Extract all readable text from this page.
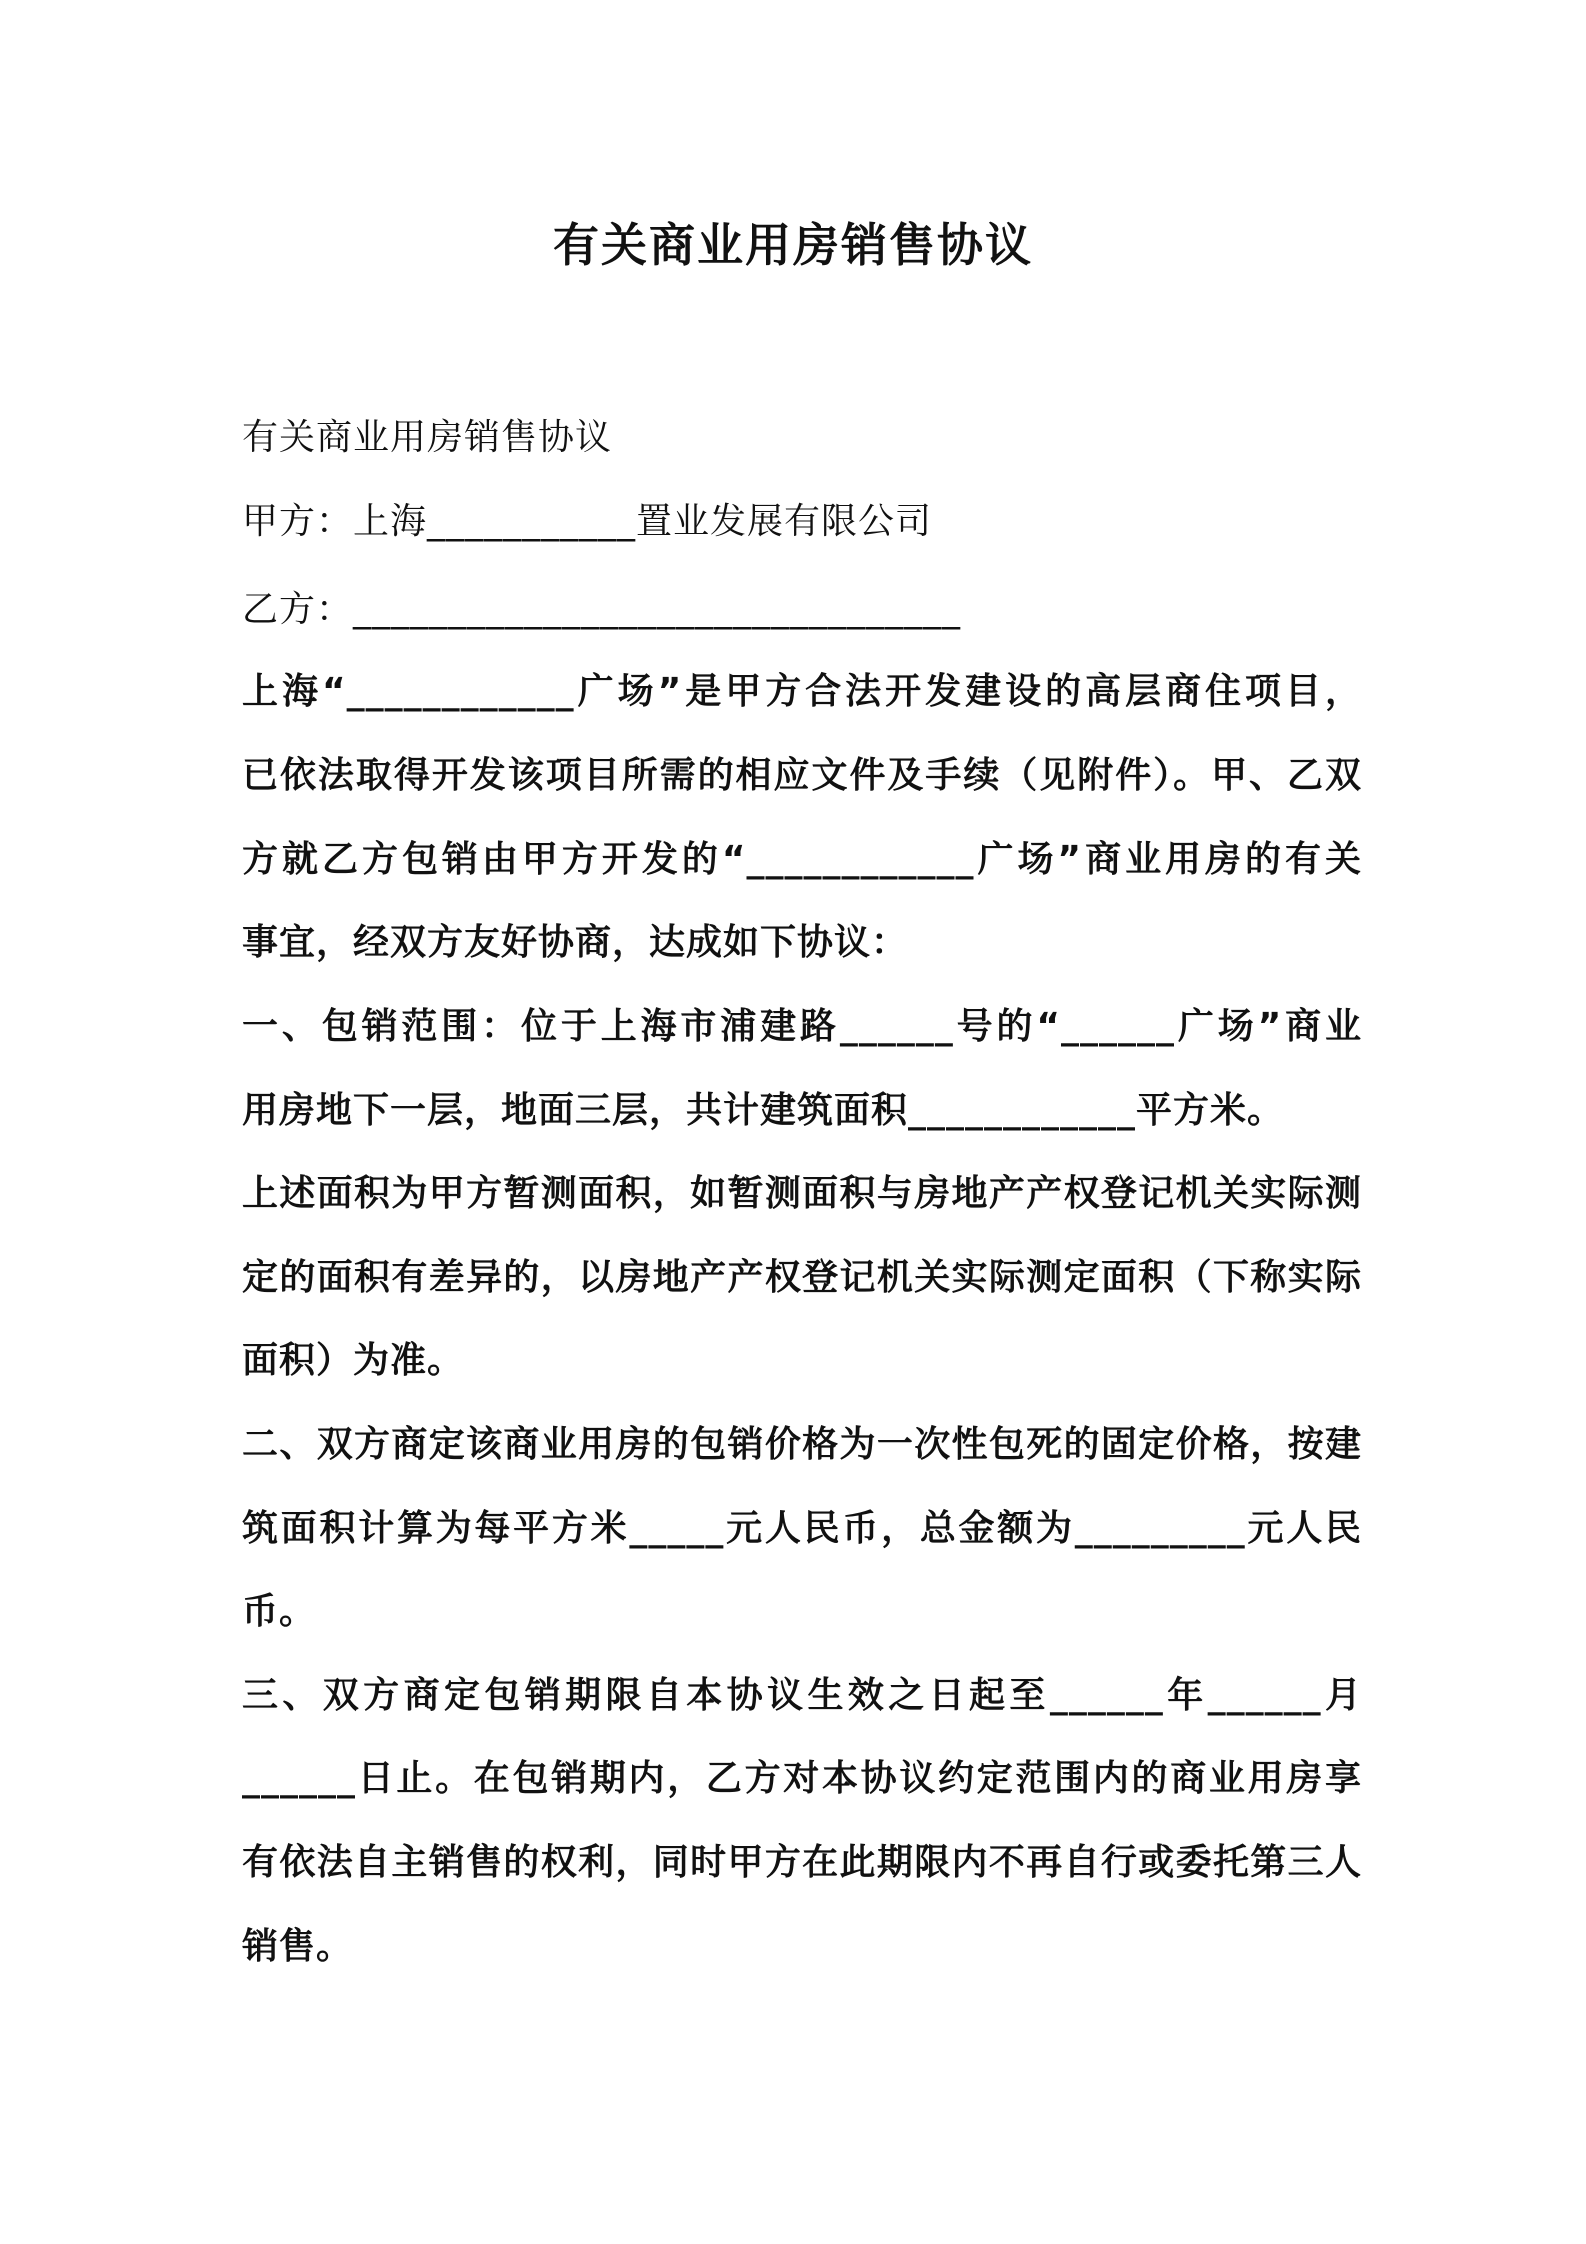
有关商业用房销售协议

有关商业用房销售协议

甲方：上海___________置业发展有限公司

乙方：________________________________

上海“____________广场”是甲方合法开发建设的高层商住项目，

已依法取得开发该项目所需的相应文件及手续（见附件）。甲、乙双

方就乙方包销由甲方开发的“____________广场”商业用房的有关

事宜，经双方友好协商，达成如下协议：

一、包销范围：位于上海市浦建路______号的“______广场”商业

用房地下一层，地面三层，共计建筑面积____________平方米。

上述面积为甲方暂测面积，如暂测面积与房地产产权登记机关实际测

定的面积有差异的，以房地产产权登记机关实际测定面积（下称实际

面积）为准。

二、双方商定该商业用房的包销价格为一次性包死的固定价格，按建

筑面积计算为每平方米_____元人民币，总金额为_________元人民

币。

三、双方商定包销期限自本协议生效之日起至______年______月

______日止。在包销期内，乙方对本协议约定范围内的商业用房享

有依法自主销售的权利，同时甲方在此期限内不再自行或委托第三人

销售。
